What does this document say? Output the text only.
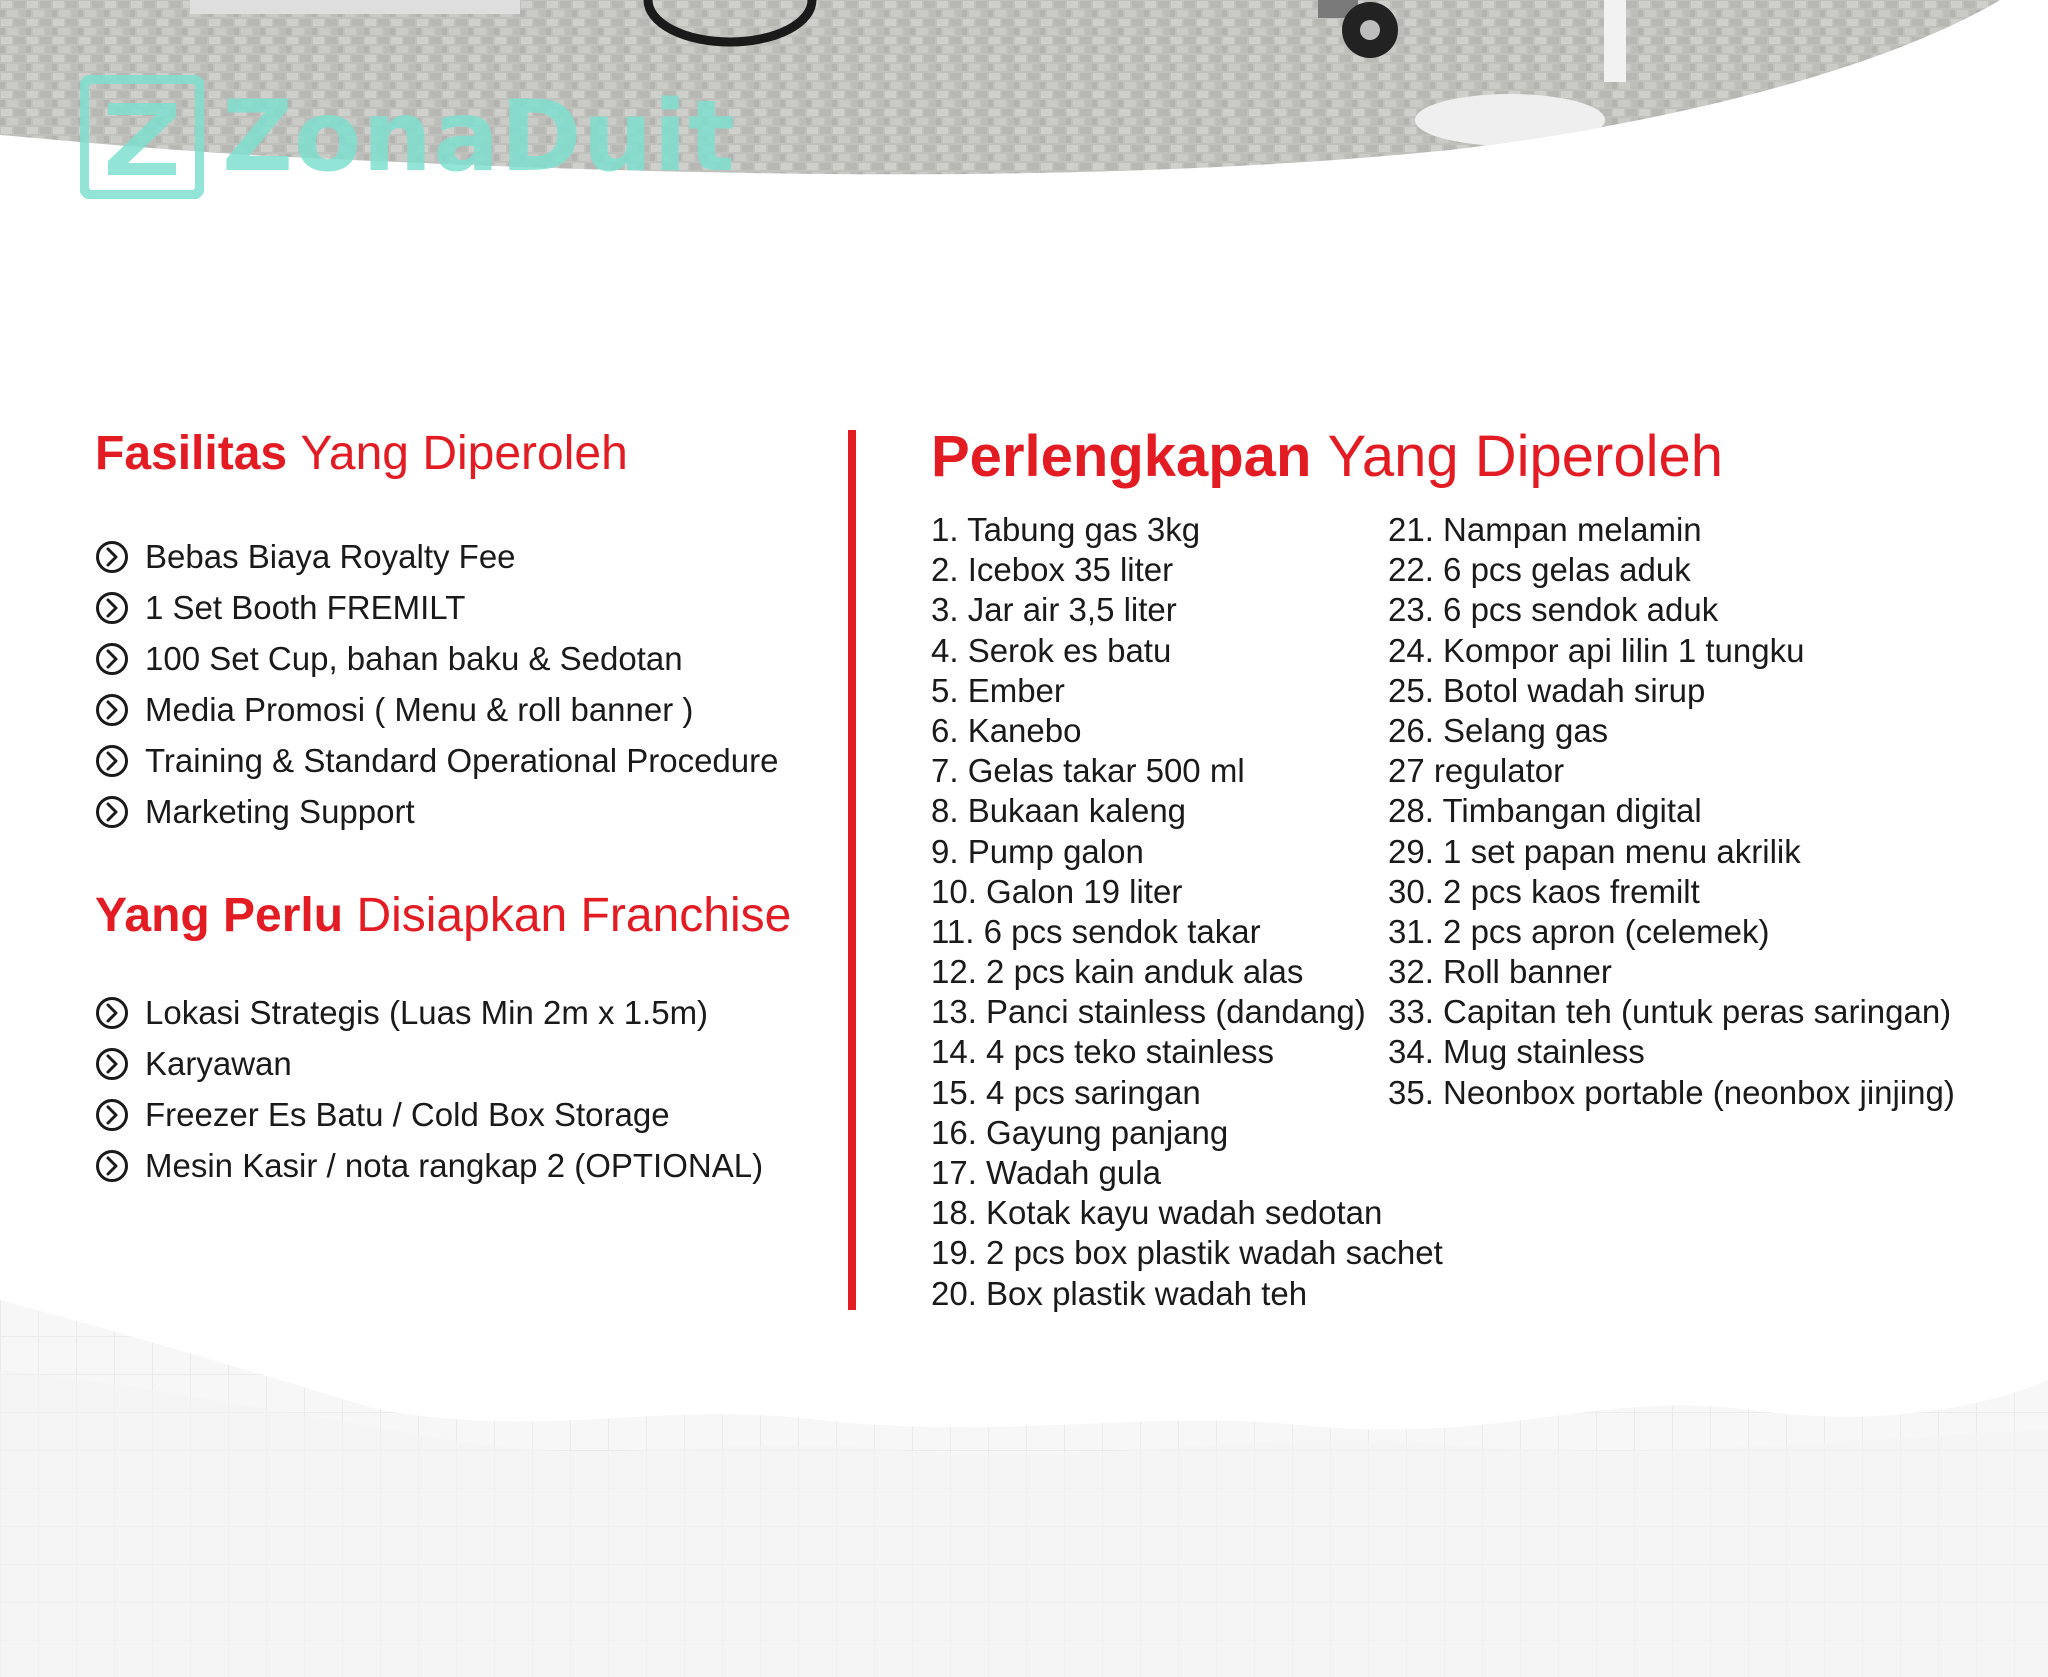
ZonaDuit
Fasilitas Yang Diperoleh
Bebas Biaya Royalty Fee
1 Set Booth FREMILT
100 Set Cup, bahan baku & Sedotan
Media Promosi ( Menu & roll banner )
Training & Standard Operational Procedure
Marketing Support
Yang Perlu Disiapkan Franchise
Lokasi Strategis (Luas Min 2m x 1.5m)
Karyawan
Freezer Es Batu / Cold Box Storage
Mesin Kasir / nota rangkap 2 (OPTIONAL)
Perlengkapan Yang Diperoleh
1. Tabung gas 3kg
2. Icebox 35 liter
3. Jar air 3,5 liter
4. Serok es batu
5. Ember
6. Kanebo
7. Gelas takar 500 ml
8. Bukaan kaleng
9. Pump galon
10. Galon 19 liter
11. 6 pcs sendok takar
12. 2 pcs kain anduk alas
13. Panci stainless (dandang)
14. 4 pcs teko stainless
15. 4 pcs saringan
16. Gayung panjang
17. Wadah gula
18. Kotak kayu wadah sedotan
19. 2 pcs box plastik wadah sachet
20. Box plastik wadah teh
21. Nampan melamin
22. 6 pcs gelas aduk
23. 6 pcs sendok aduk
24. Kompor api lilin 1 tungku
25. Botol wadah sirup
26. Selang gas
27 regulator
28. Timbangan digital
29. 1 set papan menu akrilik
30. 2 pcs kaos fremilt
31. 2 pcs apron (celemek)
32. Roll banner
33. Capitan teh (untuk peras saringan)
34. Mug stainless
35. Neonbox portable (neonbox jinjing)
